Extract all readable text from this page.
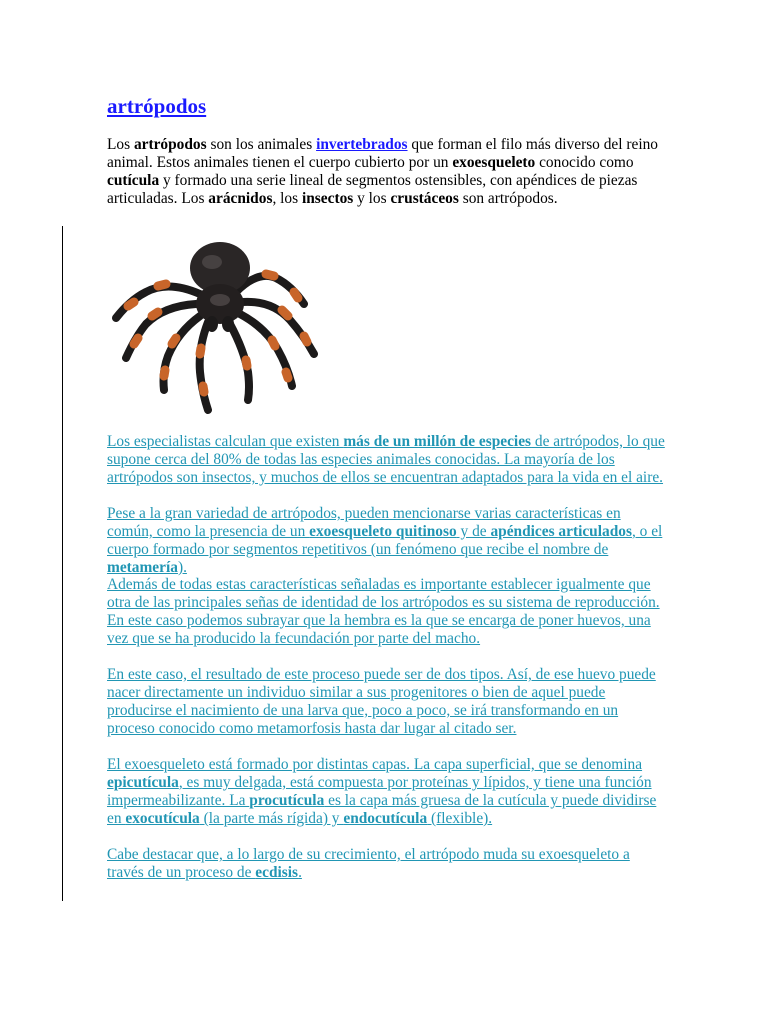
artrópodos

Los artrópodos son los animales invertebrados que forman el filo más diverso del reino animal. Estos animales tienen el cuerpo cubierto por un exoesqueleto conocido como cutícula y formado una serie lineal de segmentos ostensibles, con apéndices de piezas articuladas. Los arácnidos, los insectos y los crustáceos son artrópodos.

Los especialistas calculan que existen más de un millón de especies de artrópodos, lo que supone cerca del 80% de todas las especies animales conocidas. La mayoría de los artrópodos son insectos, y muchos de ellos se encuentran adaptados para la vida en el aire.

Pese a la gran variedad de artrópodos, pueden mencionarse varias características en común, como la presencia de un exoesqueleto quitinoso y de apéndices articulados, o el cuerpo formado por segmentos repetitivos (un fenómeno que recibe el nombre de metamería).

Además de todas estas características señaladas es importante establecer igualmente que otra de las principales señas de identidad de los artrópodos es su sistema de reproducción. En este caso podemos subrayar que la hembra es la que se encarga de poner huevos, una vez que se ha producido la fecundación por parte del macho.

En este caso, el resultado de este proceso puede ser de dos tipos. Así, de ese huevo puede nacer directamente un individuo similar a sus progenitores o bien de aquel puede producirse el nacimiento de una larva que, poco a poco, se irá transformando en un proceso conocido como metamorfosis hasta dar lugar al citado ser.

El exoesqueleto está formado por distintas capas. La capa superficial, que se denomina epicutícula, es muy delgada, está compuesta por proteínas y lípidos, y tiene una función impermeabilizante. La procutícula es la capa más gruesa de la cutícula y puede dividirse en exocutícula (la parte más rígida) y endocutícula (flexible).

Cabe destacar que, a lo largo de su crecimiento, el artrópodo muda su exoesqueleto a través de un proceso de ecdisis.
